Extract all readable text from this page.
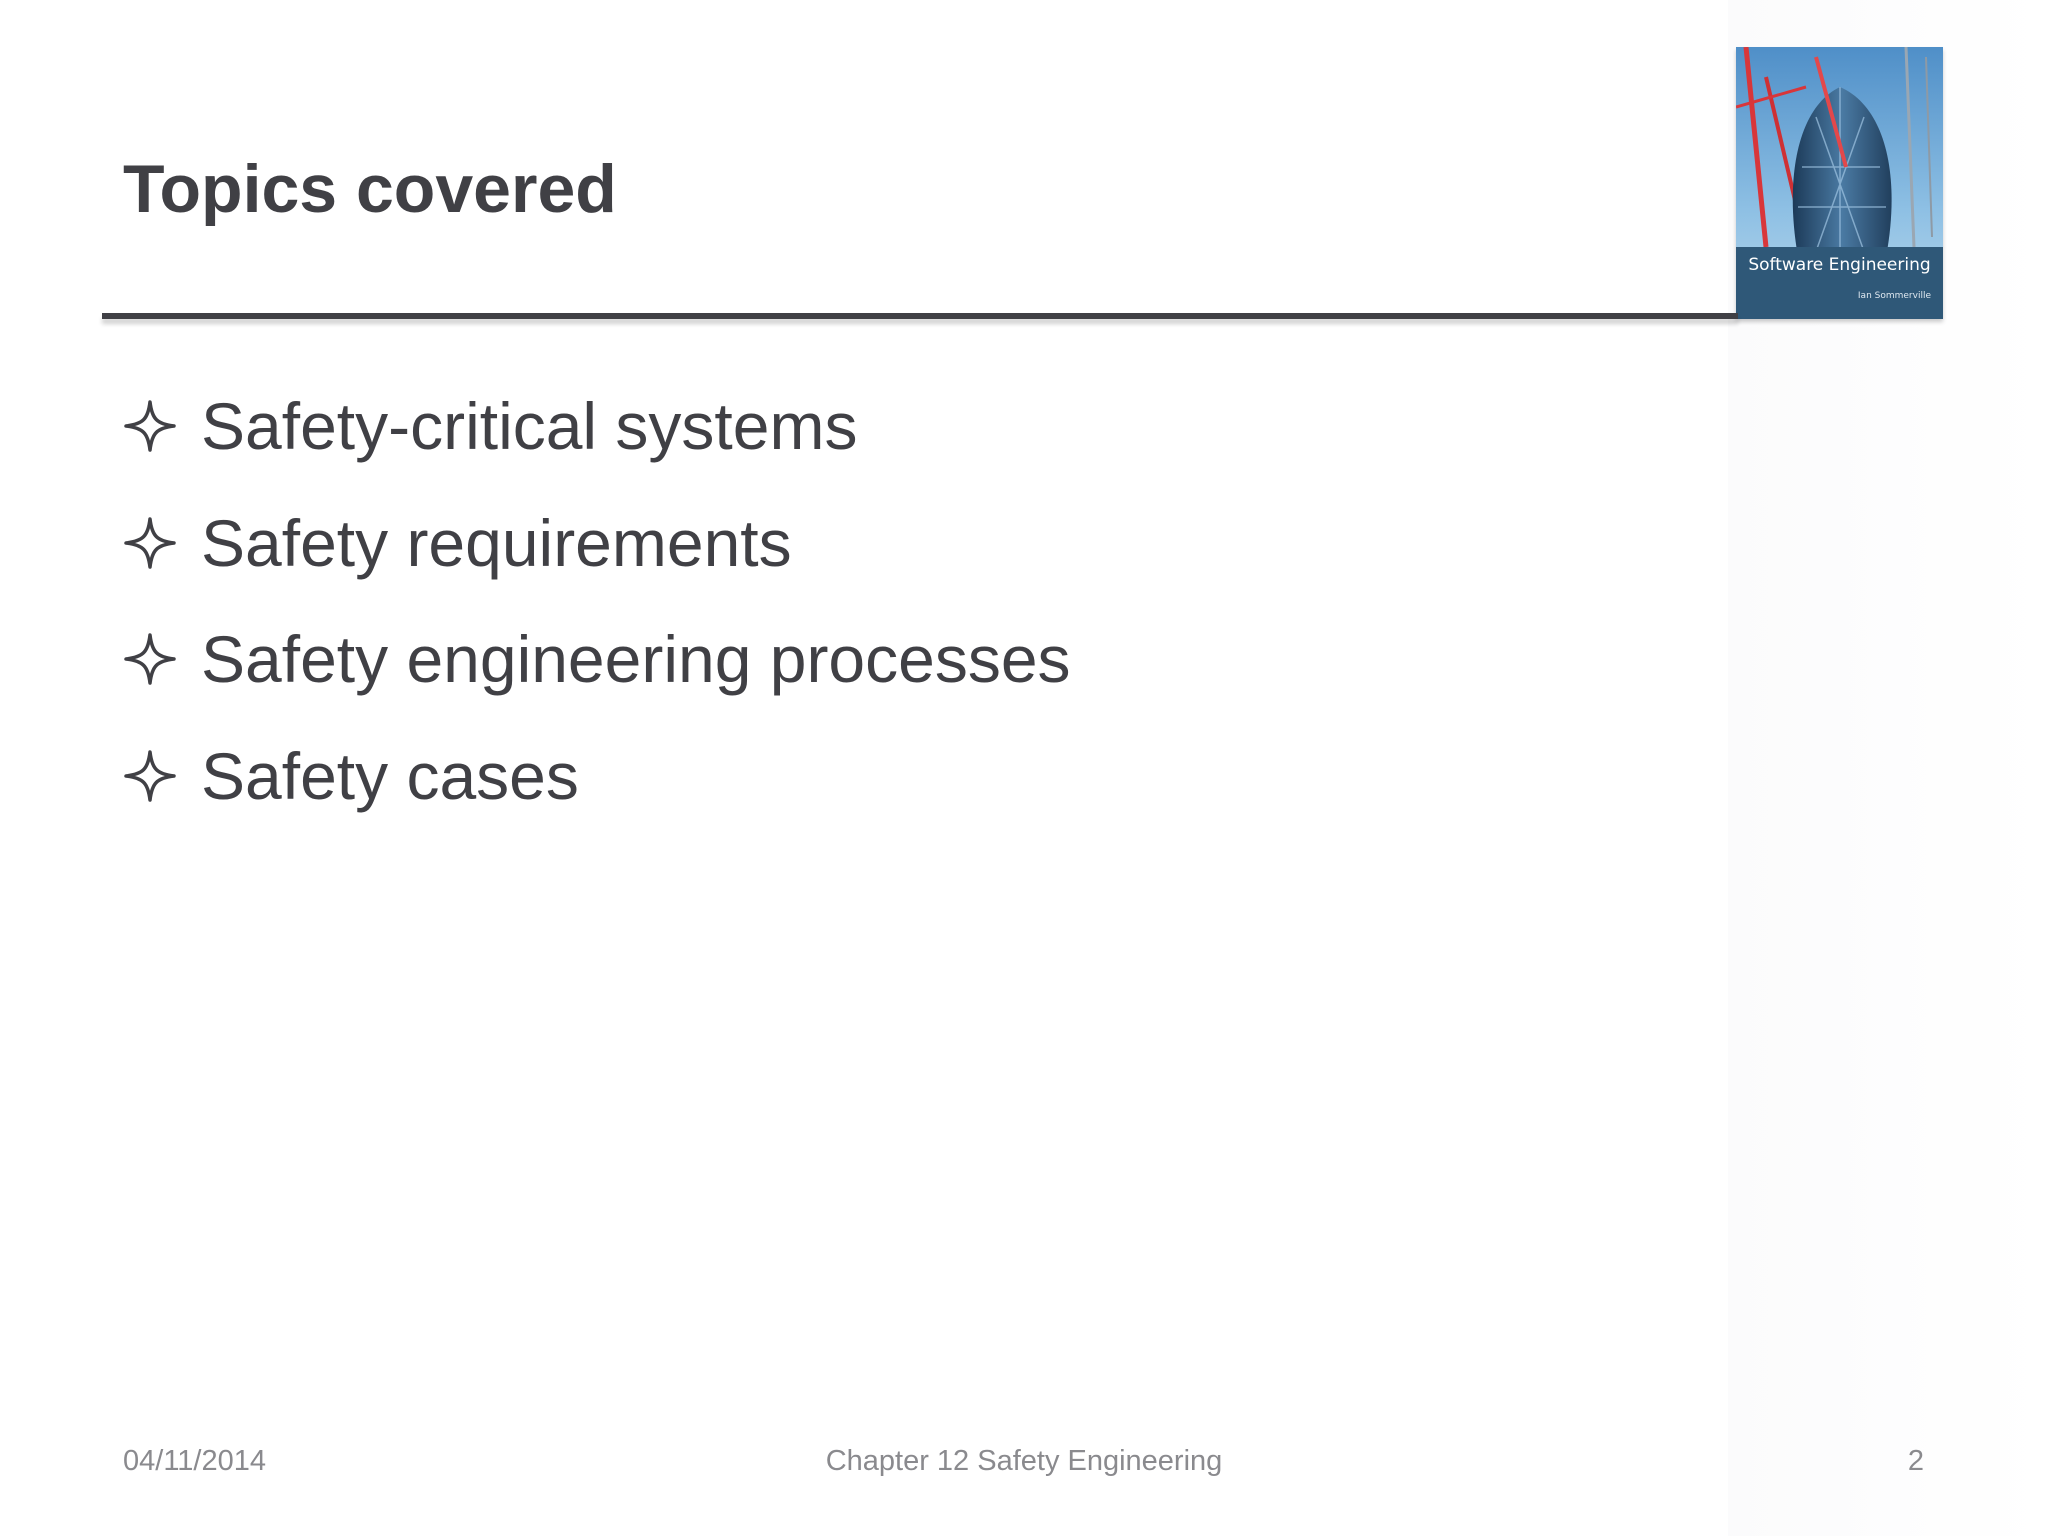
Topics covered
Software Engineering
Ian Sommerville
Safety-critical systems
Safety requirements
Safety engineering processes
Safety cases
04/11/2014	Chapter 12 Safety Engineering	2
